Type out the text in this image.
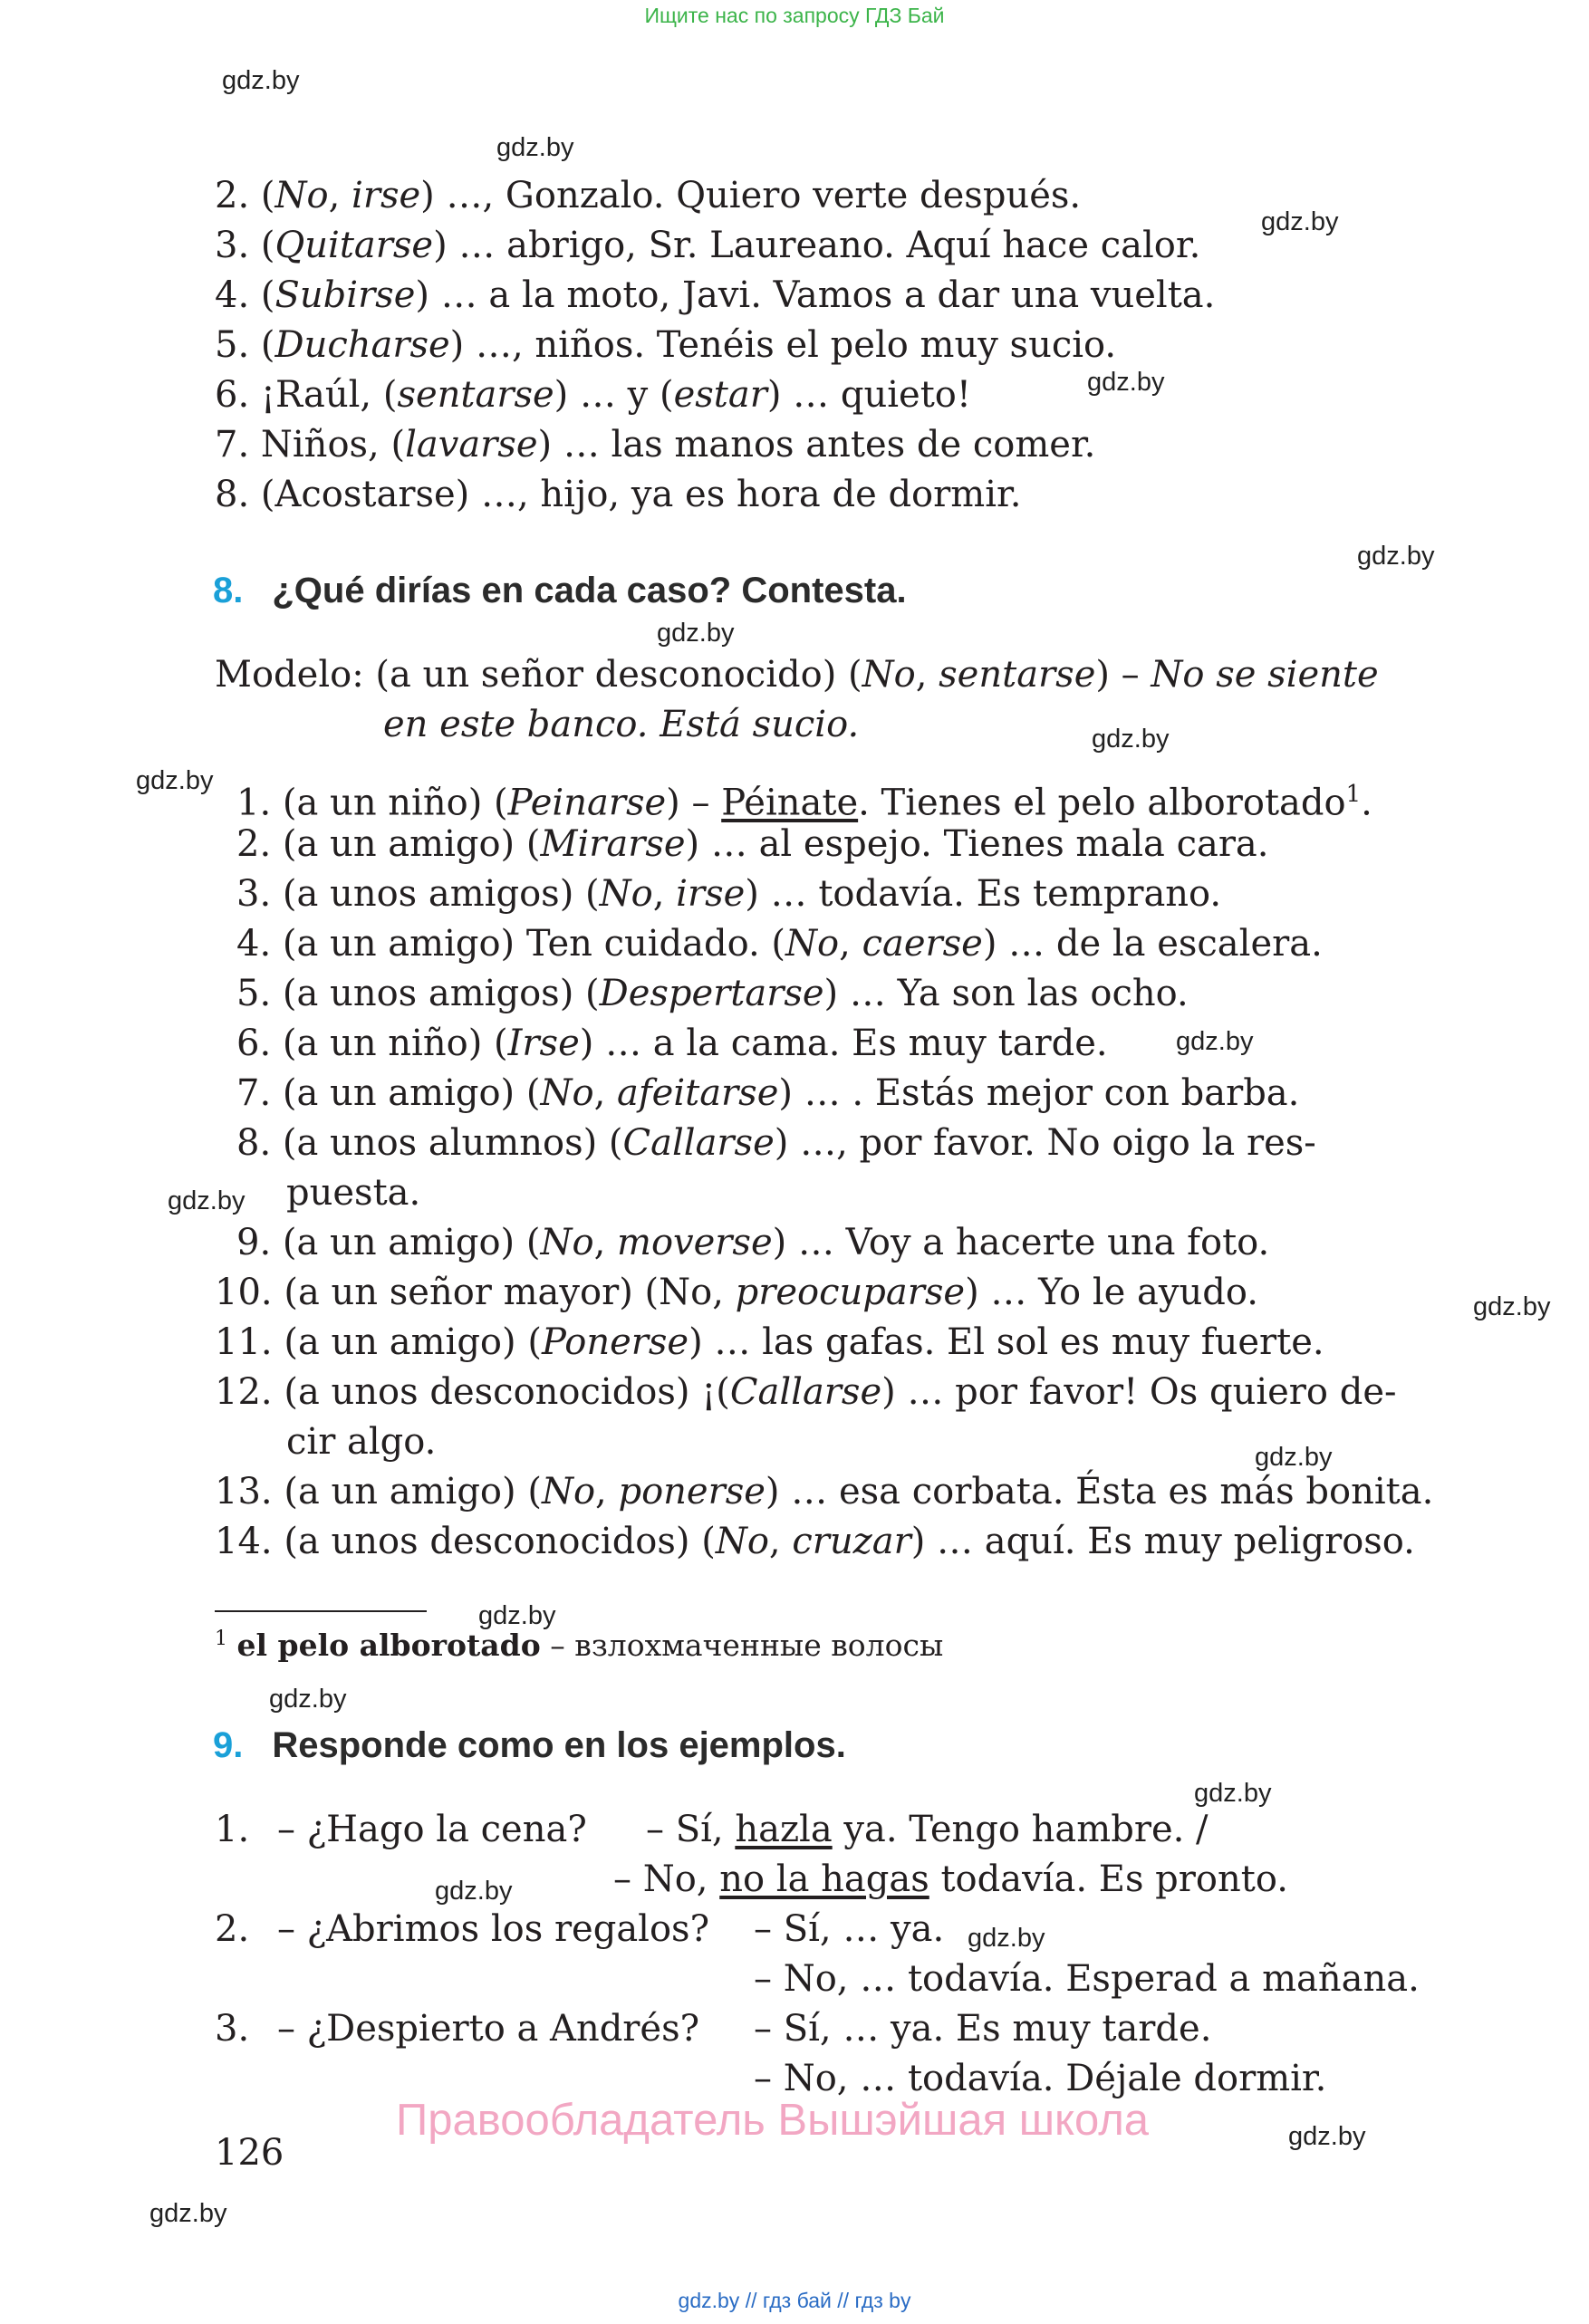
Ищите нас по запросу ГДЗ Бай
gdz.by
gdz.by
gdz.by
gdz.by
gdz.by
gdz.by
gdz.by
gdz.by
gdz.by
gdz.by
gdz.by
gdz.by
gdz.by
gdz.by
gdz.by
gdz.by
gdz.by
gdz.by
gdz.by
2. (No, irse) …, Gonzalo. Quiero verte después.
3. (Quitarse) … abrigo, Sr. Laureano. Aquí hace calor.
4. (Subirse) … a la moto, Javi. Vamos a dar una vuelta.
5. (Ducharse) …, niños. Tenéis el pelo muy sucio.
6. ¡Raúl, (sentarse) … y (estar) … quieto!
7. Niños, (lavarse) … las manos antes de comer.
8. (Acostarse) …, hijo, ya es hora de dormir.
8. ¿Qué dirías en cada caso? Contesta.
Modelo: (a un señor desconocido) (No, sentarse) – No se siente
en este banco. Está sucio.
1. (a un niño) (Peinarse) – Péinate. Tienes el pelo alborotado$^1$.
2. (a un amigo) (Mirarse) … al espejo. Tienes mala cara.
3. (a unos amigos) (No, irse) … todavía. Es temprano.
4. (a un amigo) Ten cuidado. (No, caerse) … de la escalera.
5. (a unos amigos) (Despertarse) … Ya son las ocho.
6. (a un niño) (Irse) … a la cama. Es muy tarde.
7. (a un amigo) (No, afeitarse) … . Estás mejor con barba.
8. (a unos alumnos) (Callarse) …, por favor. No oigo la res-
puesta.
9. (a un amigo) (No, moverse) … Voy a hacerte una foto.
10. (a un señor mayor) (No, preocuparse) … Yo le ayudo.
11. (a un amigo) (Ponerse) … las gafas. El sol es muy fuerte.
12. (a unos desconocidos) ¡(Callarse) … por favor! Os quiero de-
cir algo.
13. (a un amigo) (No, ponerse) … esa corbata. Ésta es más bonita.
14. (a unos desconocidos) (No, cruzar) … aquí. Es muy peligroso.
$^1$ el pelo alborotado – взлохмаченные волосы
9. Responde como en los ejemplos.
1. – ¿Hago la cena? – Sí, hazla ya. Tengo hambre. /
– No, no la hagas todavía. Es pronto.
2. – ¿Abrimos los regalos? – Sí, … ya.
– No, … todavía. Esperad a mañana.
3. – ¿Despierto a Andrés? – Sí, … ya. Es muy tarde.
– No, … todavía. Déjale dormir.
Правообладатель Вышэйшая школа
126
gdz.by // гдз бай // гдз by
